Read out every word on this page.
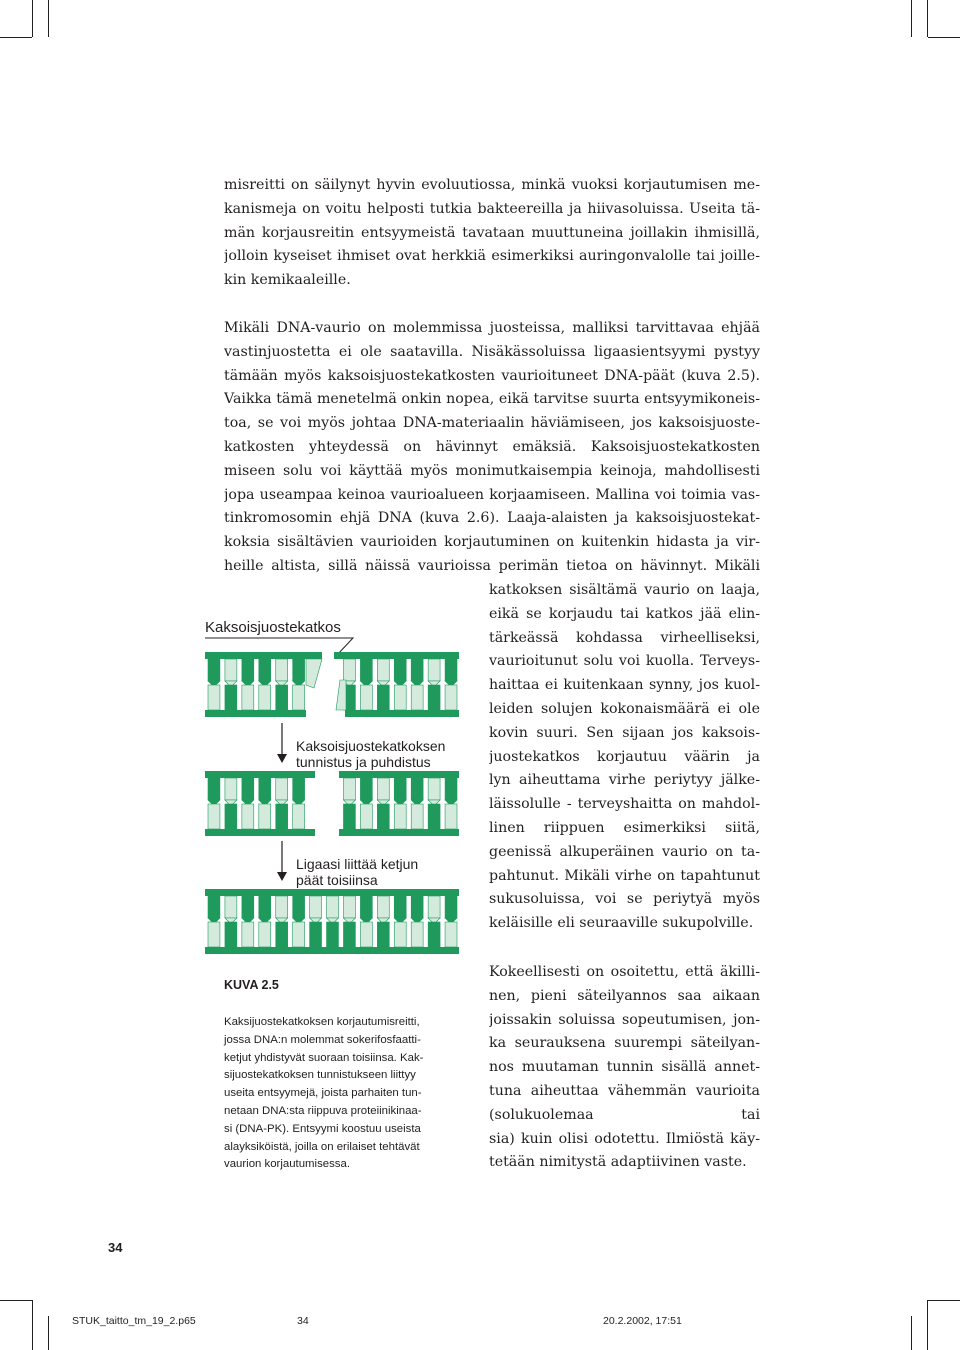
misreitti on säilynyt hyvin evoluutiossa, minkä vuoksi korjautumisen me-
kanismeja on voitu helposti tutkia bakteereilla ja hiivasoluissa. Useita tä-
män korjausreitin entsyymeistä tavataan muuttuneina joillakin ihmisillä,
jolloin kyseiset ihmiset ovat herkkiä esimerkiksi auringonvalolle tai joille-
kin kemikaaleille.
Mikäli DNA-vaurio on molemmissa juosteissa, malliksi tarvittavaa ehjää
vastinjuostetta ei ole saatavilla. Nisäkässoluissa ligaasientsyymi pystyy
tämään myös kaksoisjuostekatkosten vaurioituneet DNA-päät (kuva 2.5).
Vaikka tämä menetelmä onkin nopea, eikä tarvitse suurta entsyymikoneis-
toa, se voi myös johtaa DNA-materiaalin häviämiseen, jos kaksoisjuoste-
katkosten yhteydessä on hävinnyt emäksiä. Kaksoisjuostekatkosten
miseen solu voi käyttää myös monimutkaisempia keinoja, mahdollisesti
jopa useampaa keinoa vaurioalueen korjaamiseen. Mallina voi toimia vas-
tinkromosomin ehjä DNA (kuva 2.6). Laaja-alaisten ja kaksoisjuostekat-
koksia sisältävien vaurioiden korjautuminen on kuitenkin hidasta ja vir-
heille altista, sillä näissä vaurioissa perimän tietoa on hävinnyt. Mikäli
katkoksen sisältämä vaurio on laaja,
eikä se korjaudu tai katkos jää elin-
tärkeässä kohdassa virheelliseksi,
vaurioitunut solu voi kuolla. Terveys-
haittaa ei kuitenkaan synny, jos kuol-
leiden solujen kokonaismäärä ei ole
kovin suuri. Sen sijaan jos kaksois-
juostekatkos korjautuu väärin ja
lyn aiheuttama virhe periytyy jälke-
läissolulle - terveyshaitta on mahdol-
linen riippuen esimerkiksi siitä,
geenissä alkuperäinen vaurio on ta-
pahtunut. Mikäli virhe on tapahtunut
sukusoluissa, voi se periytyä myös
keläisille eli seuraaville sukupolville.
Kokeellisesti on osoitettu, että äkilli-
nen, pieni säteilyannos saa aikaan
joissakin soluissa sopeutumisen, jon-
ka seurauksena suurempi säteilyan-
nos muutaman tunnin sisällä annet-
tuna aiheuttaa vähemmän vaurioita
(solukuolemaa tai
sia) kuin olisi odotettu. Ilmiöstä käy-
tetään nimitystä adaptiivinen vaste.
Kaksoisjuostekatkos
Kaksoisjuostekatkoksen
tunnistus ja puhdistus
Ligaasi liittää ketjun
päät toisiinsa
KUVA 2.5
Kaksijuostekatkoksen korjautumisreitti,
jossa DNA:n molemmat sokerifosfaatti-
ketjut yhdistyvät suoraan toisiinsa. Kak-
sijuostekatkoksen tunnistukseen liittyy
useita entsyymejä, joista parhaiten tun-
netaan DNA:sta riippuva proteiinikinaa-
si (DNA-PK). Entsyymi koostuu useista
alayksiköistä, joilla on erilaiset tehtävät
vaurion korjautumisessa.
34
STUK_taitto_tm_19_2.p65	34	20.2.2002, 17:51
